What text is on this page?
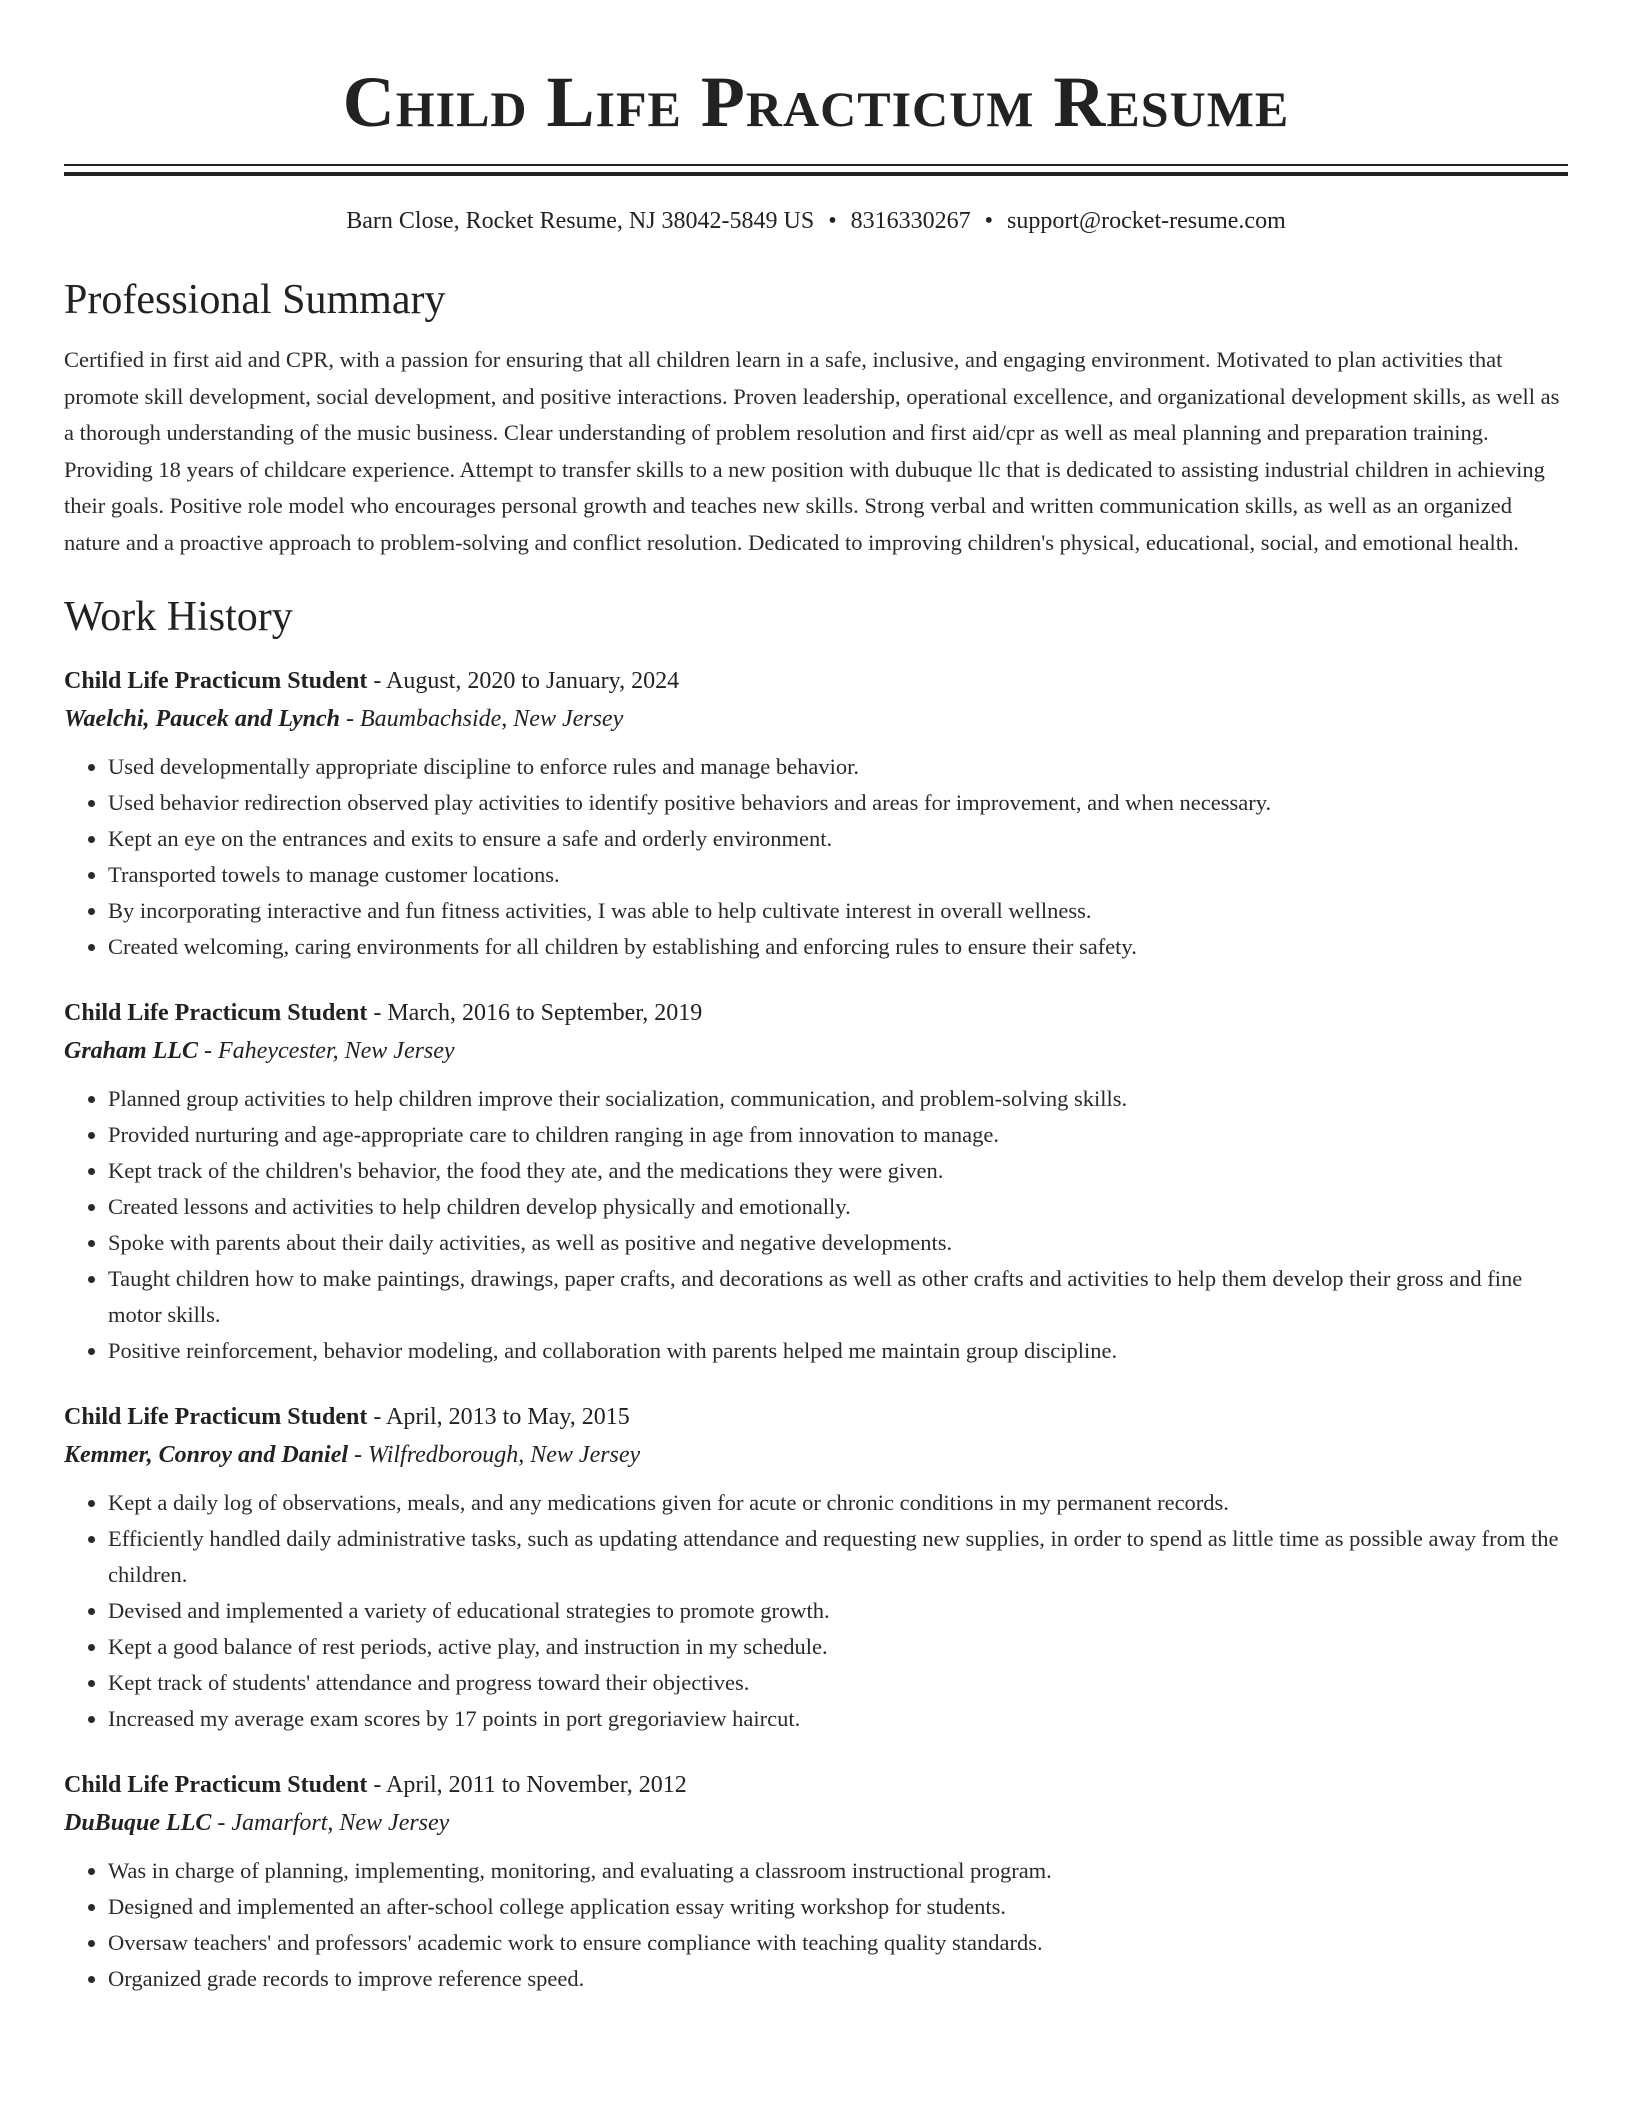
Child Life Practicum Resume
Barn Close, Rocket Resume, NJ 38042-5849 US • 8316330267 • support@rocket-resume.com
Professional Summary

Certified in first aid and CPR, with a passion for ensuring that all children learn in a safe, inclusive, and engaging environment. Motivated to plan activities that promote skill development, social development, and positive interactions. Proven leadership, operational excellence, and organizational development skills, as well as a thorough understanding of the music business. Clear understanding of problem resolution and first aid/cpr as well as meal planning and preparation training. Providing 18 years of childcare experience. Attempt to transfer skills to a new position with dubuque llc that is dedicated to assisting industrial children in achieving their goals. Positive role model who encourages personal growth and teaches new skills. Strong verbal and written communication skills, as well as an organized nature and a proactive approach to problem-solving and conflict resolution. Dedicated to improving children's physical, educational, social, and emotional health.

Work History
Child Life Practicum Student - August, 2020 to January, 2024
Waelchi, Paucek and Lynch - Baumbachside, New Jersey
• Used developmentally appropriate discipline to enforce rules and manage behavior.
• Used behavior redirection observed play activities to identify positive behaviors and areas for improvement, and when necessary.
• Kept an eye on the entrances and exits to ensure a safe and orderly environment.
• Transported towels to manage customer locations.
• By incorporating interactive and fun fitness activities, I was able to help cultivate interest in overall wellness.
• Created welcoming, caring environments for all children by establishing and enforcing rules to ensure their safety.
Child Life Practicum Student - March, 2016 to September, 2019
Graham LLC - Faheycester, New Jersey
• Planned group activities to help children improve their socialization, communication, and problem-solving skills.
• Provided nurturing and age-appropriate care to children ranging in age from innovation to manage.
• Kept track of the children's behavior, the food they ate, and the medications they were given.
• Created lessons and activities to help children develop physically and emotionally.
• Spoke with parents about their daily activities, as well as positive and negative developments.
• Taught children how to make paintings, drawings, paper crafts, and decorations as well as other crafts and activities to help them develop their gross and fine motor skills.
• Positive reinforcement, behavior modeling, and collaboration with parents helped me maintain group discipline.
Child Life Practicum Student - April, 2013 to May, 2015
Kemmer, Conroy and Daniel - Wilfredborough, New Jersey
• Kept a daily log of observations, meals, and any medications given for acute or chronic conditions in my permanent records.
• Efficiently handled daily administrative tasks, such as updating attendance and requesting new supplies, in order to spend as little time as possible away from the children.
• Devised and implemented a variety of educational strategies to promote growth.
• Kept a good balance of rest periods, active play, and instruction in my schedule.
• Kept track of students' attendance and progress toward their objectives.
• Increased my average exam scores by 17 points in port gregoriaview haircut.
Child Life Practicum Student - April, 2011 to November, 2012
DuBuque LLC - Jamarfort, New Jersey
• Was in charge of planning, implementing, monitoring, and evaluating a classroom instructional program.
• Designed and implemented an after-school college application essay writing workshop for students.
• Oversaw teachers' and professors' academic work to ensure compliance with teaching quality standards.
• Organized grade records to improve reference speed.
